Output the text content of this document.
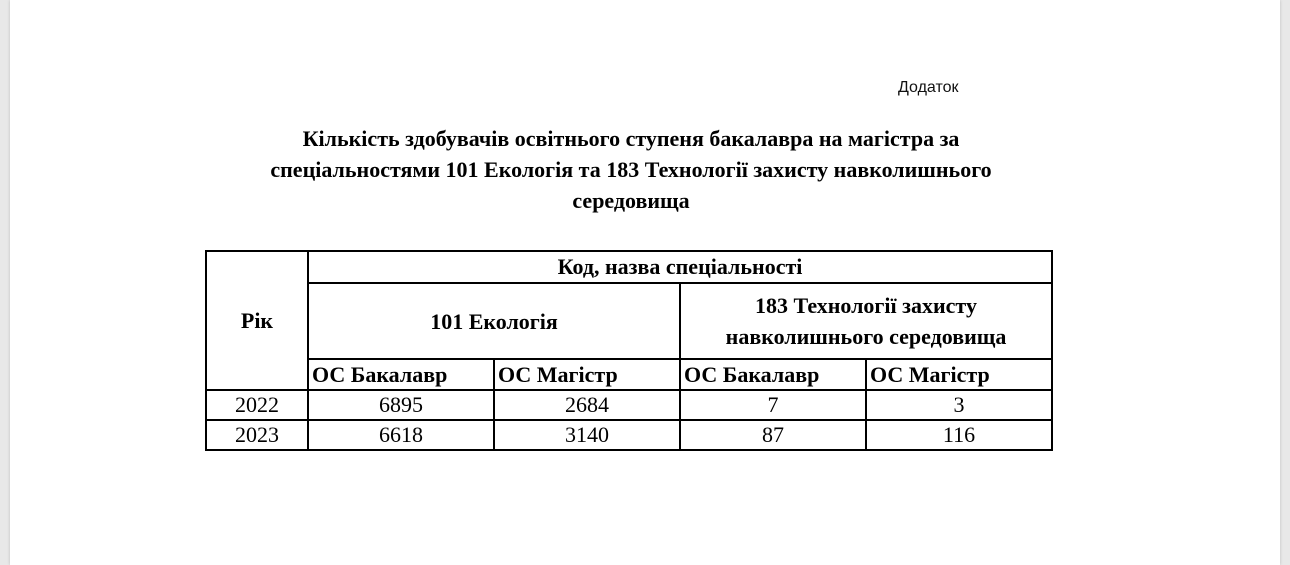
Додаток
Кількість здобувачів освітнього ступеня бакалавра на магістра за
спеціальностями 101 Екологія та 183 Технології захисту навколишнього
середовища
Рік	Код, назва спеціальності			
	101 Екологія		183 Технології захисту
навколишнього середовища	

	ОС Бакалавр	ОС Магістр	ОС Бакалавр	ОС Магістр
2022	6895	2684	7	3
2023	6618	3140	87	116
